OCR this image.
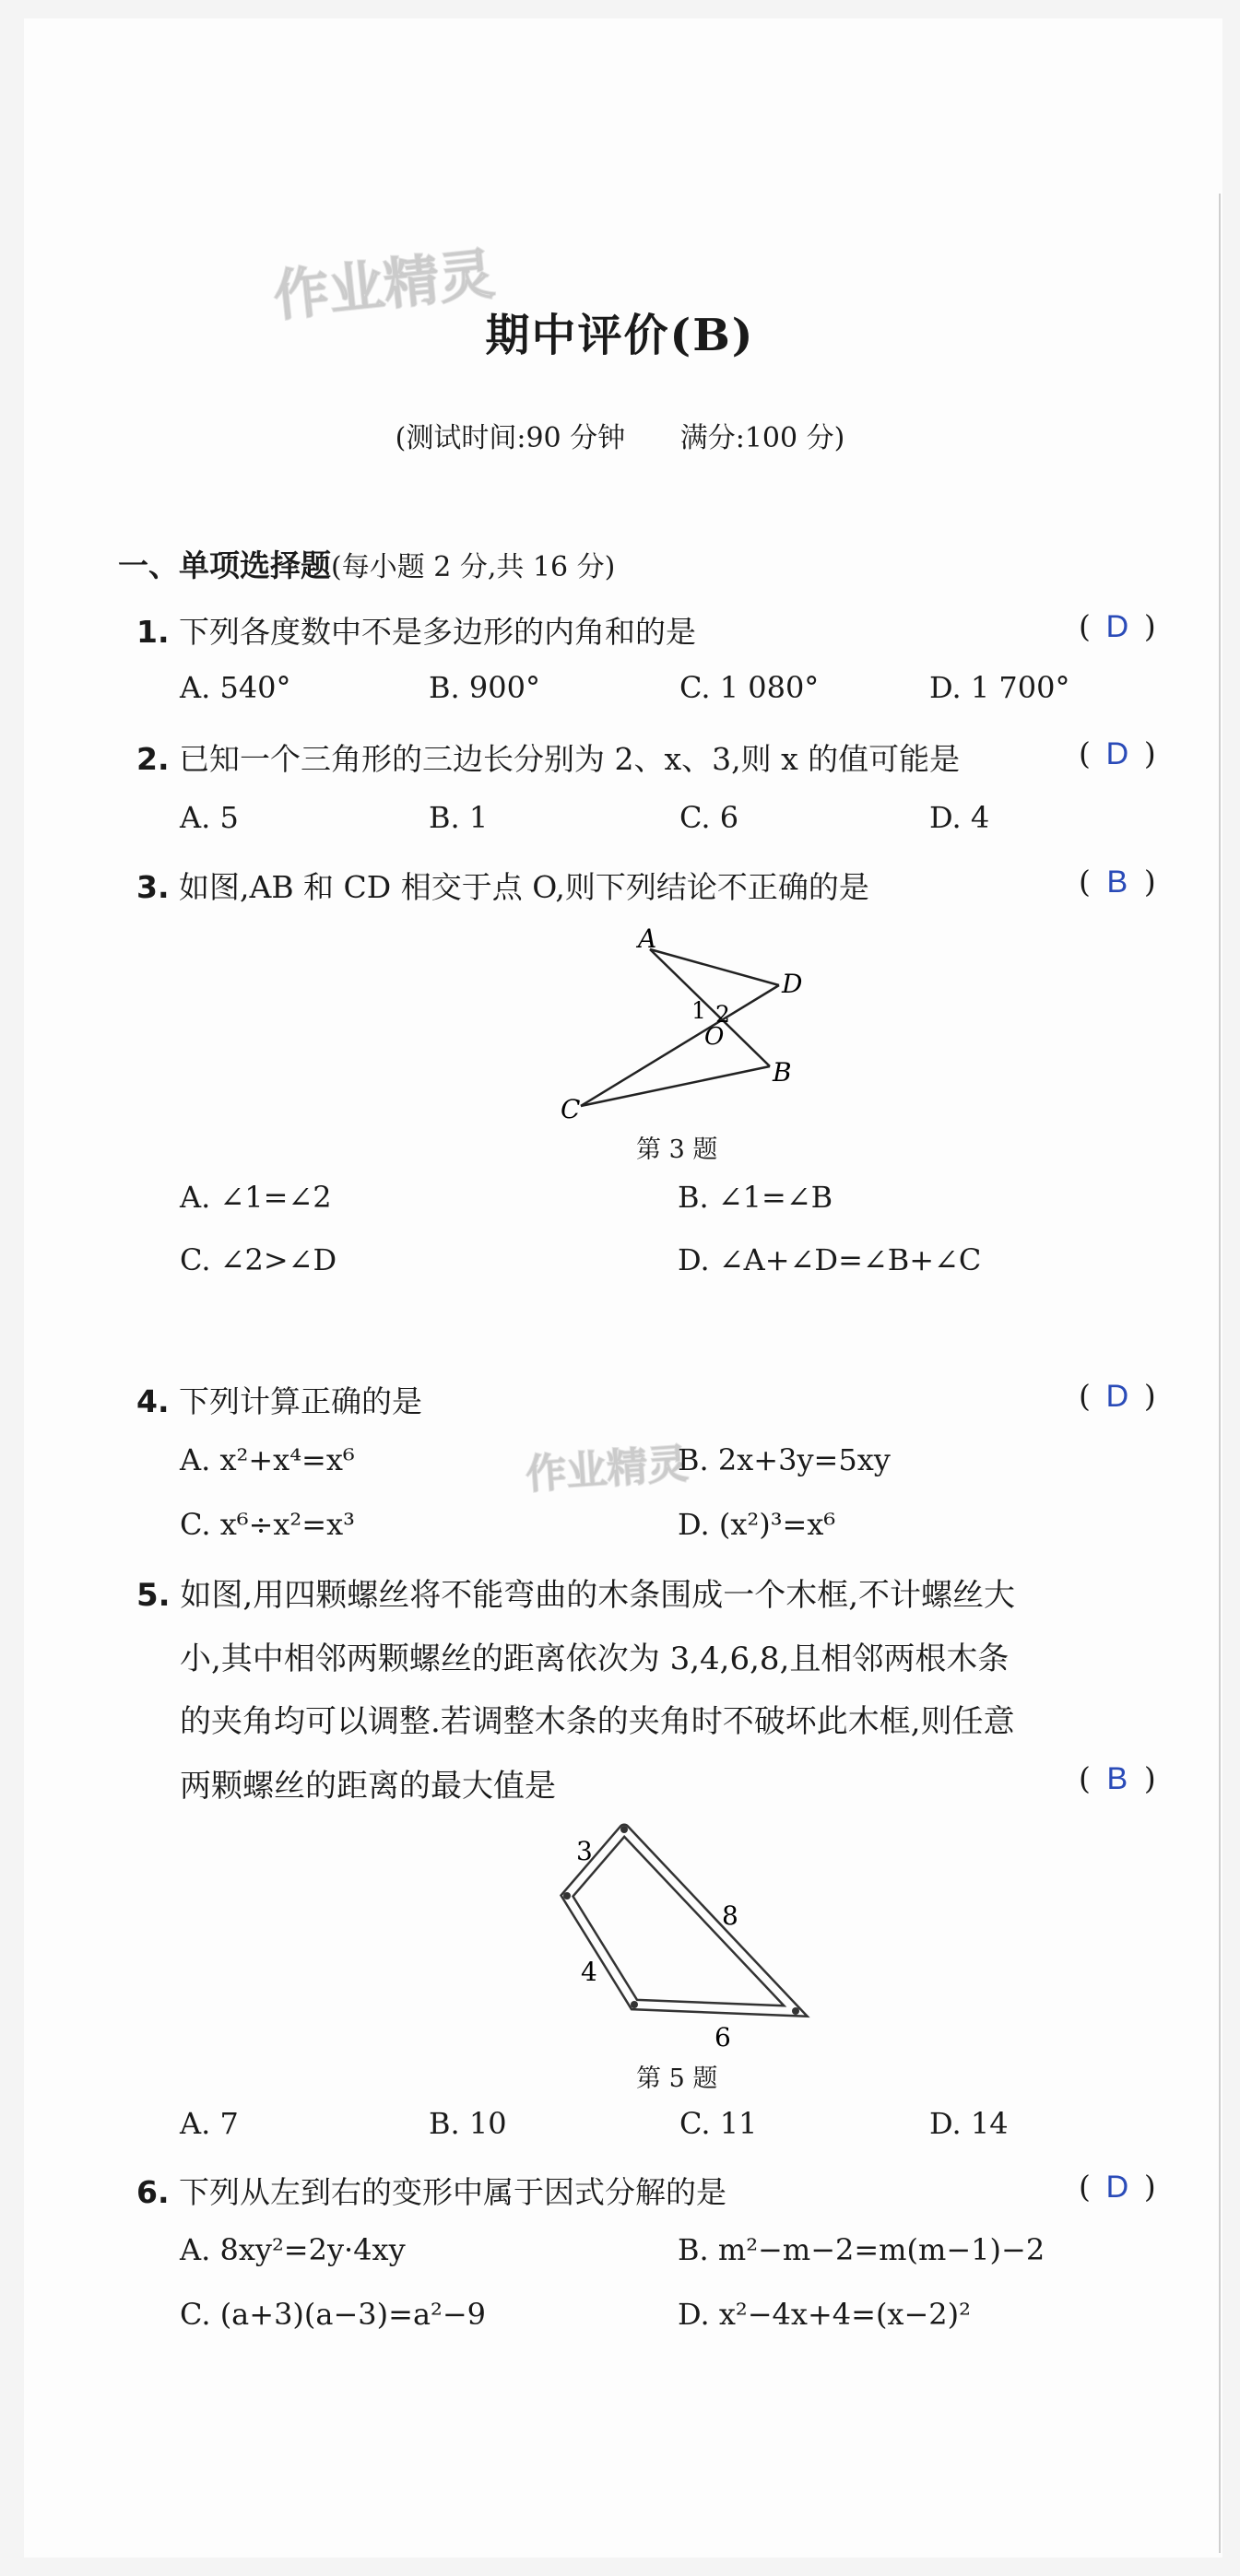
作业精灵
作业精灵
期中评价(B)
(测试时间:90 分钟 满分:100 分)
一、单项选择题(每小题 2 分,共 16 分)
1. 下列各度数中不是多边形的内角和的是	( D )
A. 540°	B. 900°	C. 1 080°	D. 1 700°
2. 已知一个三角形的三边长分别为 2、x、3,则 x 的值可能是	( D )
A. 5	B. 1	C. 6	D. 4
3. 如图,AB 和 CD 相交于点 O,则下列结论不正确的是	( B )
A
D
1 2
O
B
C
第 3 题
A. ∠1=∠2	B. ∠1=∠B
C. ∠2>∠D	D. ∠A+∠D=∠B+∠C
4. 下列计算正确的是	( D )
A. x²+x⁴=x⁶	B. 2x+3y=5xy
C. x⁶÷x²=x³	D. (x²)³=x⁶
5. 如图,用四颗螺丝将不能弯曲的木条围成一个木框,不计螺丝大
小,其中相邻两颗螺丝的距离依次为 3,4,6,8,且相邻两根木条
的夹角均可以调整.若调整木条的夹角时不破坏此木框,则任意
两颗螺丝的距离的最大值是	( B )
3
8
4
6
第 5 题
A. 7	B. 10	C. 11	D. 14
6. 下列从左到右的变形中属于因式分解的是	( D )
A. 8xy²=2y·4xy	B. m²−m−2=m(m−1)−2
C. (a+3)(a−3)=a²−9	D. x²−4x+4=(x−2)²
